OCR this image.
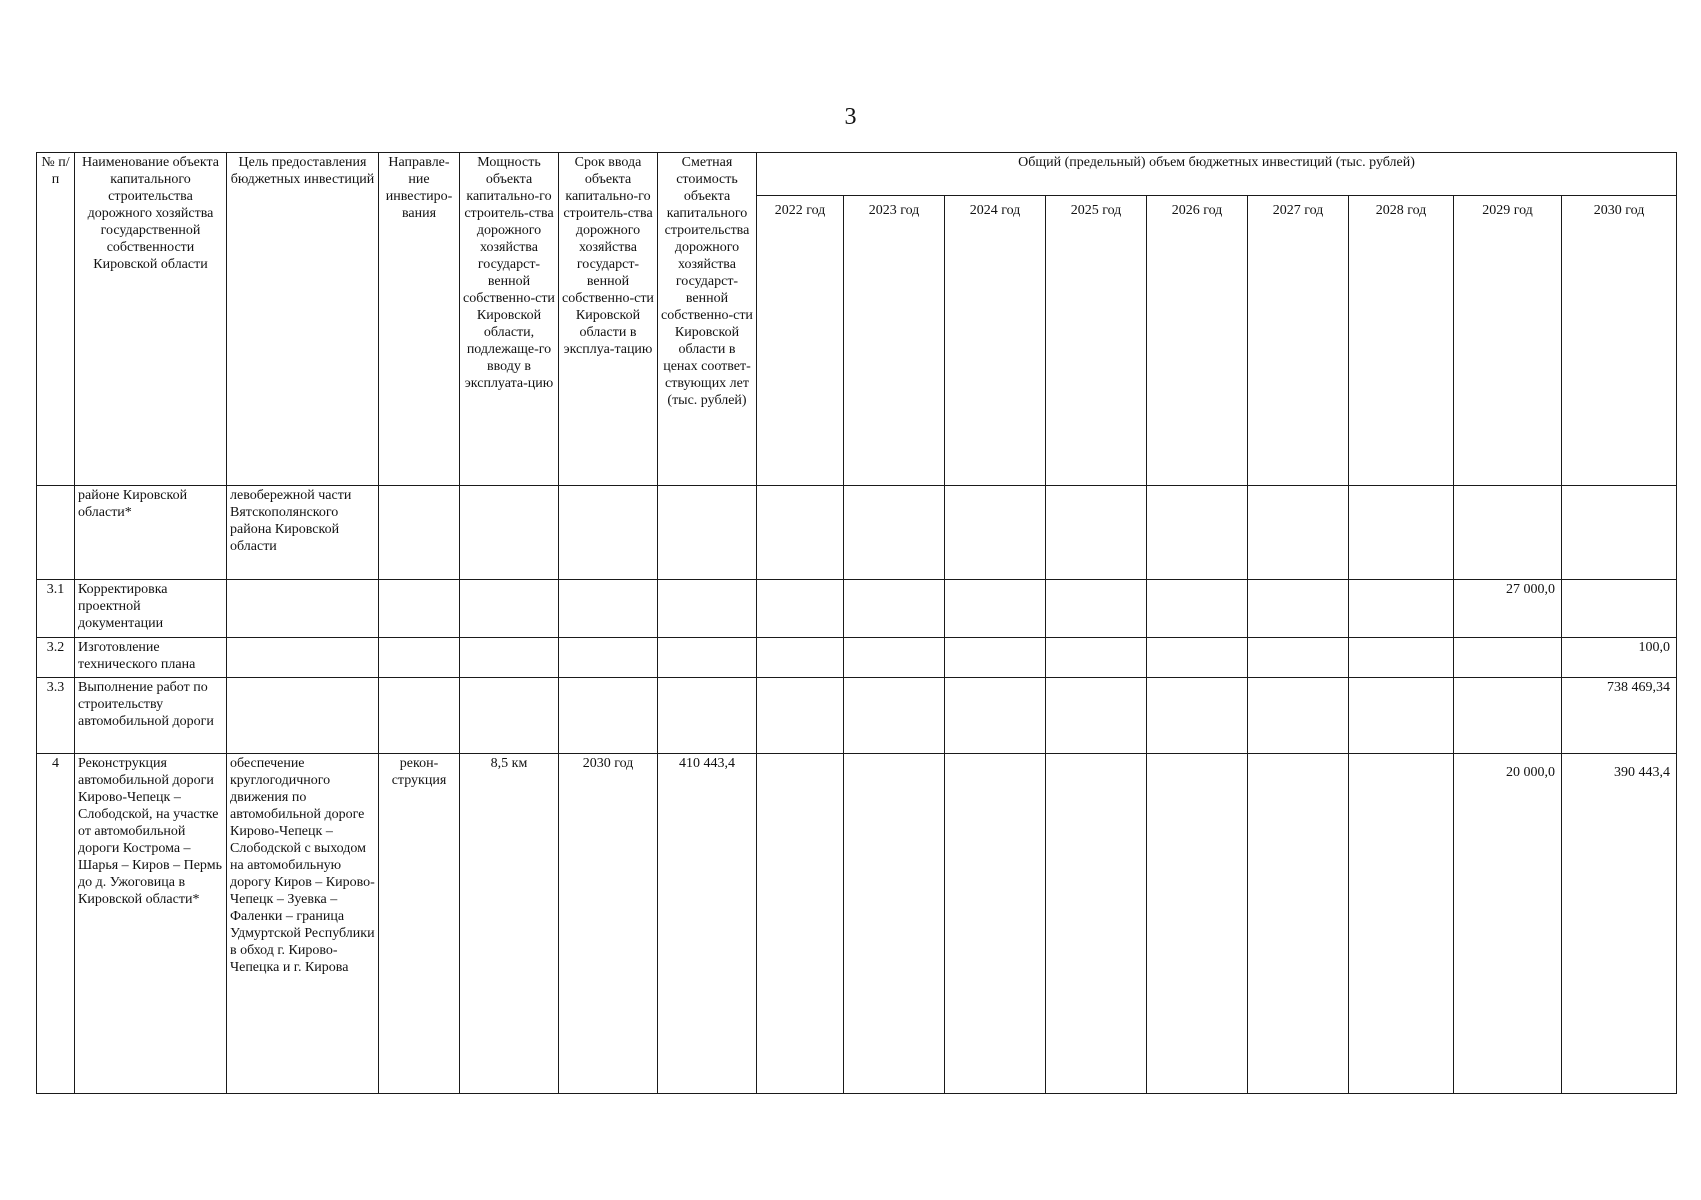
3
№ п/п	Наименование объекта капитального строительства дорожного хозяйства государственной собственности Кировской области	Цель предоставления бюджетных инвестиций	Направле-ние инвестиро-вания	Мощность объекта капитально-го строитель-ства дорожного хозяйства государст-венной собственно-сти Кировской области, подлежаще-го вводу в эксплуата-цию	Срок ввода объекта капитально-го строитель-ства дорожного хозяйства государст-венной собственно-сти Кировской области в эксплуа-тацию	Сметная стоимость объекта капитального строительства дорожного хозяйства государст-венной собственно-сти Кировской области в ценах соответ-ствующих лет (тыс. рублей)	Общий (предельный) объем бюджетных инвестиций (тыс. рублей)								
							2022 год	2023 год	2024 год	2025 год	2026 год	2027 год	2028 год	2029 год	2030 год
	районе Кировской области*	левобережной части Вятскополянского района Кировской области													
3.1	Корректировка проектной документации													27 000,0	
3.2	Изготовление технического плана														100,0
3.3	Выполнение работ по строительству автомобильной дороги														738 469,34
4	Реконструкция автомобильной дороги Кирово-Чепецк – Слободской, на участке от автомобильной дороги Кострома – Шарья – Киров – Пермь до д. Ужоговица в Кировской области*	обеспечение круглогодичного движения по автомобильной дороге Кирово-Чепецк – Слободской с выходом на автомобильную дорогу Киров – Кирово-Чепецк – Зуевка – Фаленки – граница Удмуртской Республики в обход г. Кирово-Чепецка и г. Кирова	рекон-струкция	8,5 км	2030 год	410 443,4								20 000,0	390 443,4
